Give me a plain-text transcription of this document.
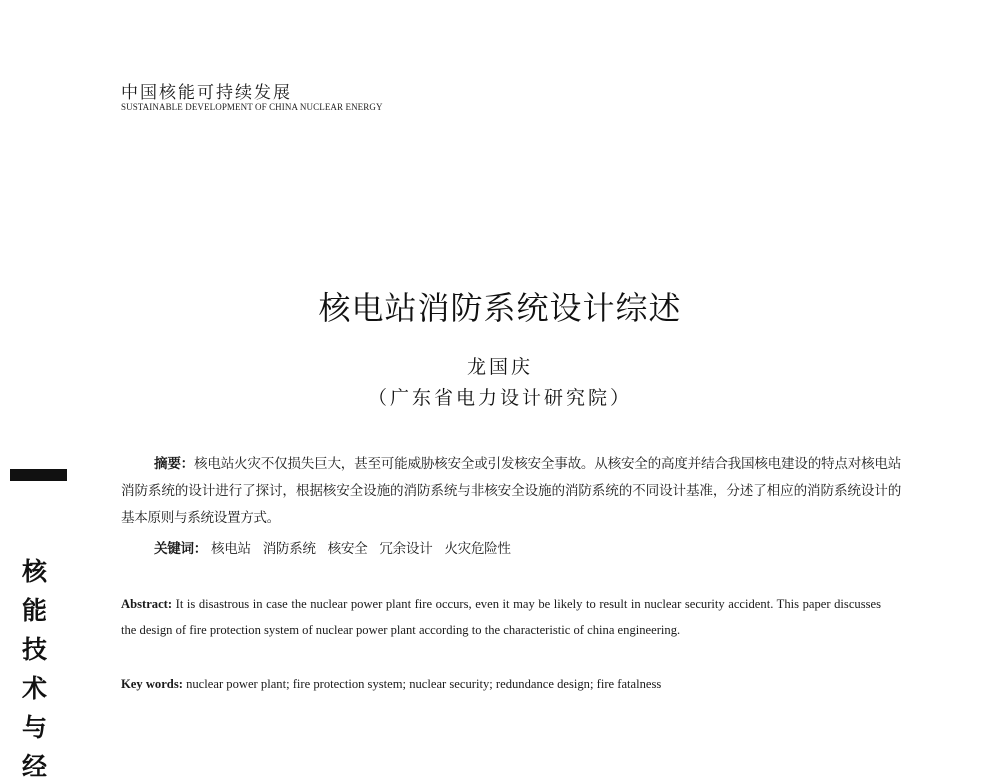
中国核能可持续发展
SUSTAINABLE DEVELOPMENT OF CHINA NUCLEAR ENERGY
核电站消防系统设计综述
龙国庆
（广东省电力设计研究院）
核
能
技
术
与
经
摘要：核电站火灾不仅损失巨大，甚至可能威胁核安全或引发核安全事故。从核安全的高度并结合我国核电建设的特点对核电站消防系统的设计进行了探讨，根据核安全设施的消防系统与非核安全设施的消防系统的不同设计基准，分述了相应的消防系统设计的基本原则与系统设置方式。
关键词： 核电站 消防系统 核安全 冗余设计 火灾危险性
Abstract: It is disastrous in case the nuclear power plant fire occurs, even it may be likely to result in nuclear security accident. This paper discusses the design of fire protection system of nuclear power plant according to the characteristic of china engineering.
Key words: nuclear power plant; fire protection system; nuclear security; redundance design; fire fatalness
